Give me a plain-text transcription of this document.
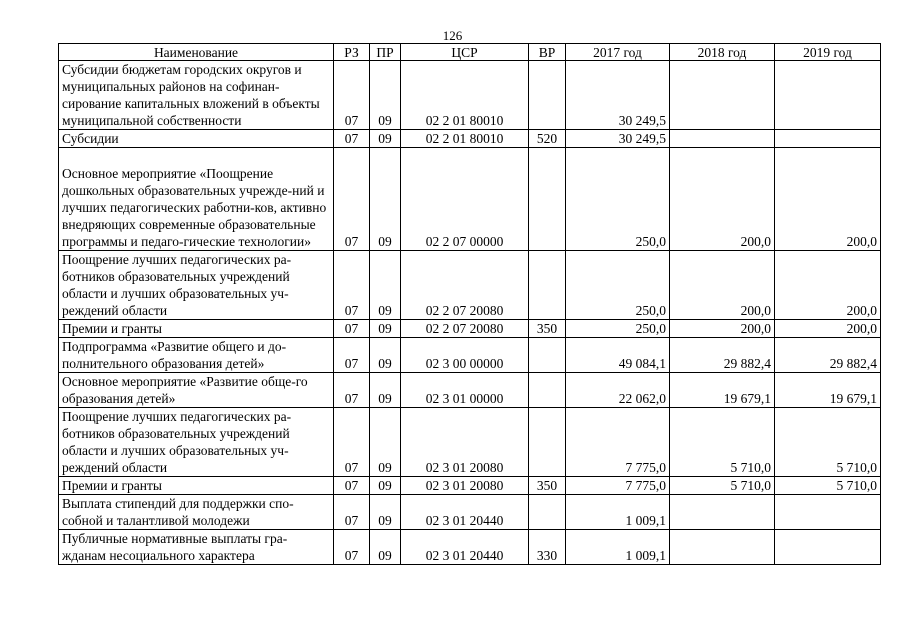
126
Наименование	РЗ	ПР	ЦСР	ВР	2017 год	2018 год	2019 год
Субсидии бюджетам городских округов и муниципальных районов на софинан-сирование капитальных вложений в объекты муниципальной собственности	07	09	02 2 01 80010		30 249,5		
Субсидии	07	09	02 2 01 80010	520	30 249,5		
Основное мероприятие «Поощрение дошкольных образовательных учрежде-ний и лучших педагогических работни-ков, активно внедряющих современные образовательные программы и педаго-гические технологии»	07	09	02 2 07 00000		250,0	200,0	200,0
Поощрение лучших педагогических ра-ботников образовательных учреждений области и лучших образовательных уч-реждений области	07	09	02 2 07 20080		250,0	200,0	200,0
Премии и гранты	07	09	02 2 07 20080	350	250,0	200,0	200,0
Подпрограмма «Развитие общего и до-полнительного образования детей»	07	09	02 3 00 00000		49 084,1	29 882,4	29 882,4
Основное мероприятие «Развитие обще-го образования детей»	07	09	02 3 01 00000		22 062,0	19 679,1	19 679,1
Поощрение лучших педагогических ра-ботников образовательных учреждений области и лучших образовательных уч-реждений области	07	09	02 3 01 20080		7 775,0	5 710,0	5 710,0
Премии и гранты	07	09	02 3 01 20080	350	7 775,0	5 710,0	5 710,0
Выплата стипендий для поддержки спо-собной и талантливой молодежи	07	09	02 3 01 20440		1 009,1		
Публичные нормативные выплаты гра-жданам несоциального характера	07	09	02 3 01 20440	330	1 009,1		
